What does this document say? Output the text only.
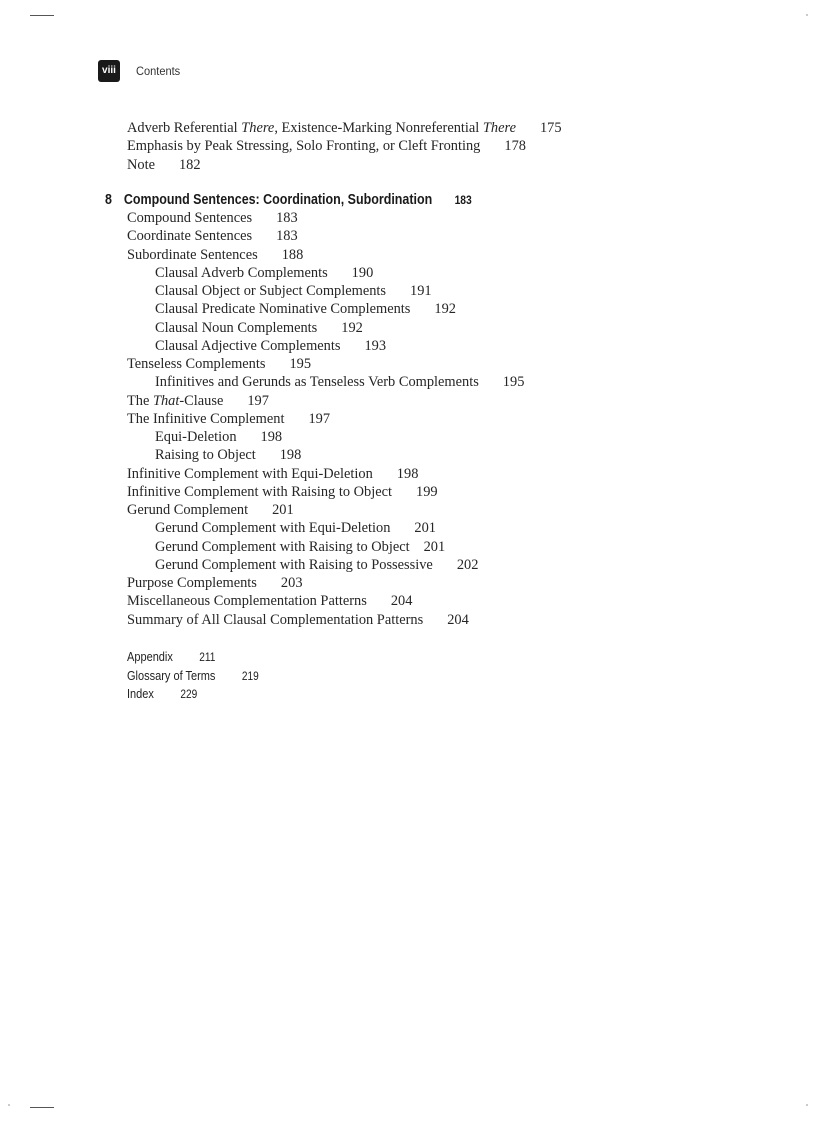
viii	Contents
8 Compound Sentences: Coordination, Subordination 183
Adverb Referential There, Existence-Marking Nonreferential There 175
Emphasis by Peak Stressing, Solo Fronting, or Cleft Fronting 178
Note 182
Compound Sentences 183
Coordinate Sentences 183
Subordinate Sentences 188
Clausal Adverb Complements 190
Clausal Object or Subject Complements 191
Clausal Predicate Nominative Complements 192
Clausal Noun Complements 192
Clausal Adjective Complements 193
Tenseless Complements 195
Infinitives and Gerunds as Tenseless Verb Complements 195
The That-Clause 197
The Infinitive Complement 197
Equi-Deletion 198
Raising to Object 198
Infinitive Complement with Equi-Deletion 198
Infinitive Complement with Raising to Object 199
Gerund Complement 201
Gerund Complement with Equi-Deletion 201
Gerund Complement with Raising to Object 201
Gerund Complement with Raising to Possessive 202
Purpose Complements 203
Miscellaneous Complementation Patterns 204
Summary of All Clausal Complementation Patterns 204
Appendix 211
Glossary of Terms 219
Index 229
